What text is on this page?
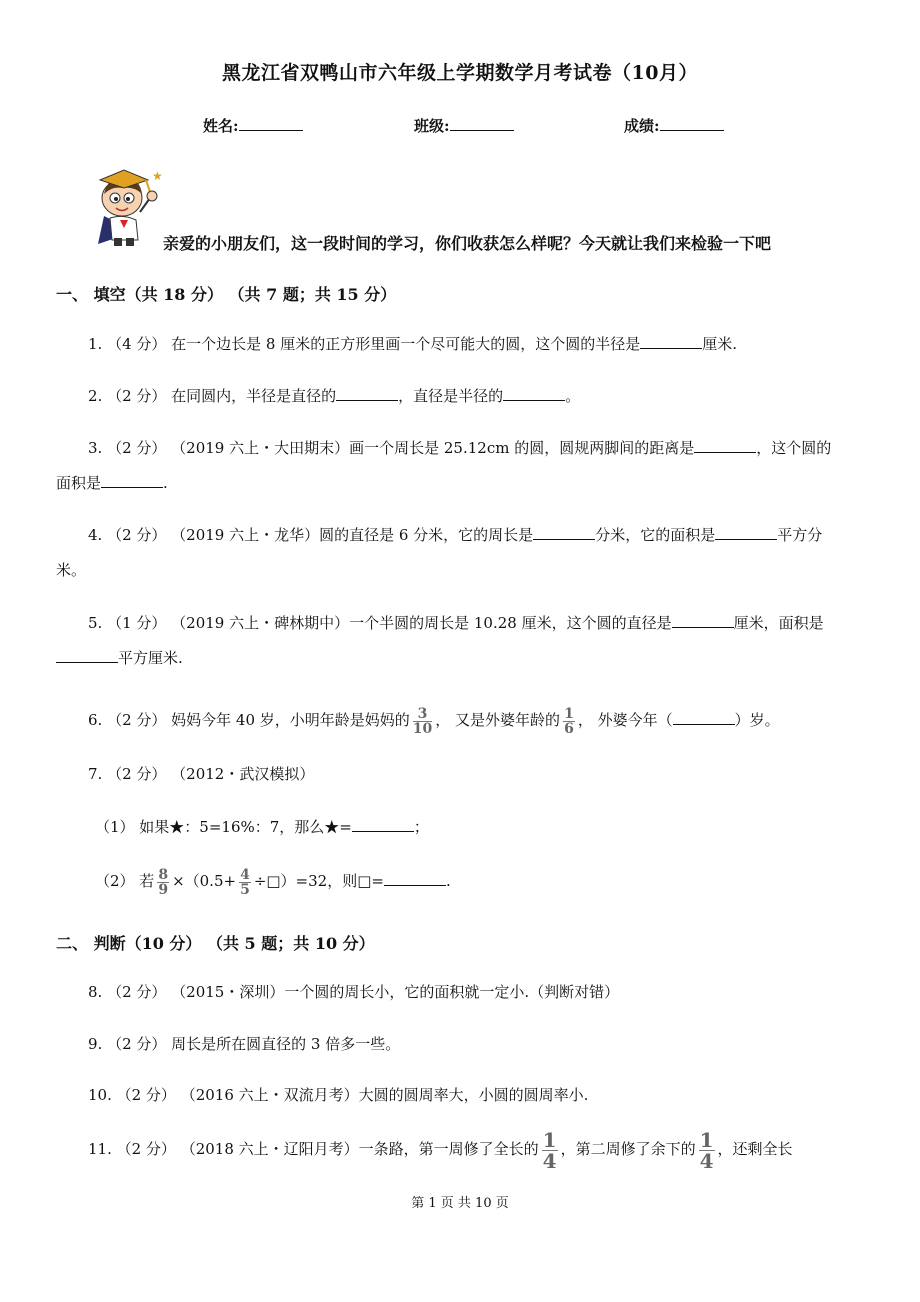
黑龙江省双鸭山市六年级上学期数学月考试卷（10月）
姓名:	班级:	成绩:
★
亲爱的小朋友们，这一段时间的学习，你们收获怎么样呢？今天就让我们来检验一下吧
一、 填空（共 18 分） （共 7 题；共 15 分）
1. （4 分） 在一个边长是 8 厘米的正方形里画一个尽可能大的圆，这个圆的半径是	厘米.
2. （2 分） 在同圆内，半径是直径的	，直径是半径的	。
3. （2 分） （2019 六上・大田期末）画一个周长是 25.12cm 的圆，圆规两脚间的距离是	，这个圆的
面积是	.
4. （2 分） （2019 六上・龙华）圆的直径是 6 分米，它的周长是	分米，它的面积是	平方分
米。
5. （1 分） （2019 六上・碑林期中）一个半圆的周长是 10.28 厘米，这个圆的直径是	厘米，面积是
平方厘米.
6. （2 分） 妈妈今年 40 岁，小明年龄是妈妈的 $\frac{3}{10}$ ， 又是外婆年龄的 $\frac{1}{6}$ ， 外婆今年（	）岁。
7. （2 分） （2012・武汉模拟）
（1） 如果★：5=16%：7，那么★=	；
（2） 若 $\frac{8}{9} \times(0.5+ \frac{4}{5}$ ÷□）=32，则□=	.
二、 判断（10 分） （共 5 题；共 10 分）
8. （2 分） （2015・深圳）一个圆的周长小，它的面积就一定小.（判断对错）
9. （2 分） 周长是所在圆直径的 3 倍多一些。
10. （2 分） （2016 六上・双流月考）大圆的圆周率大，小圆的圆周率小.
11. （2 分） （2018 六上・辽阳月考）一条路，第一周修了全长的 $\frac{1}{4}$ ，第二周修了余下的 $\frac{1}{4}$ ，还剩全长
第 1 页 共 10 页
